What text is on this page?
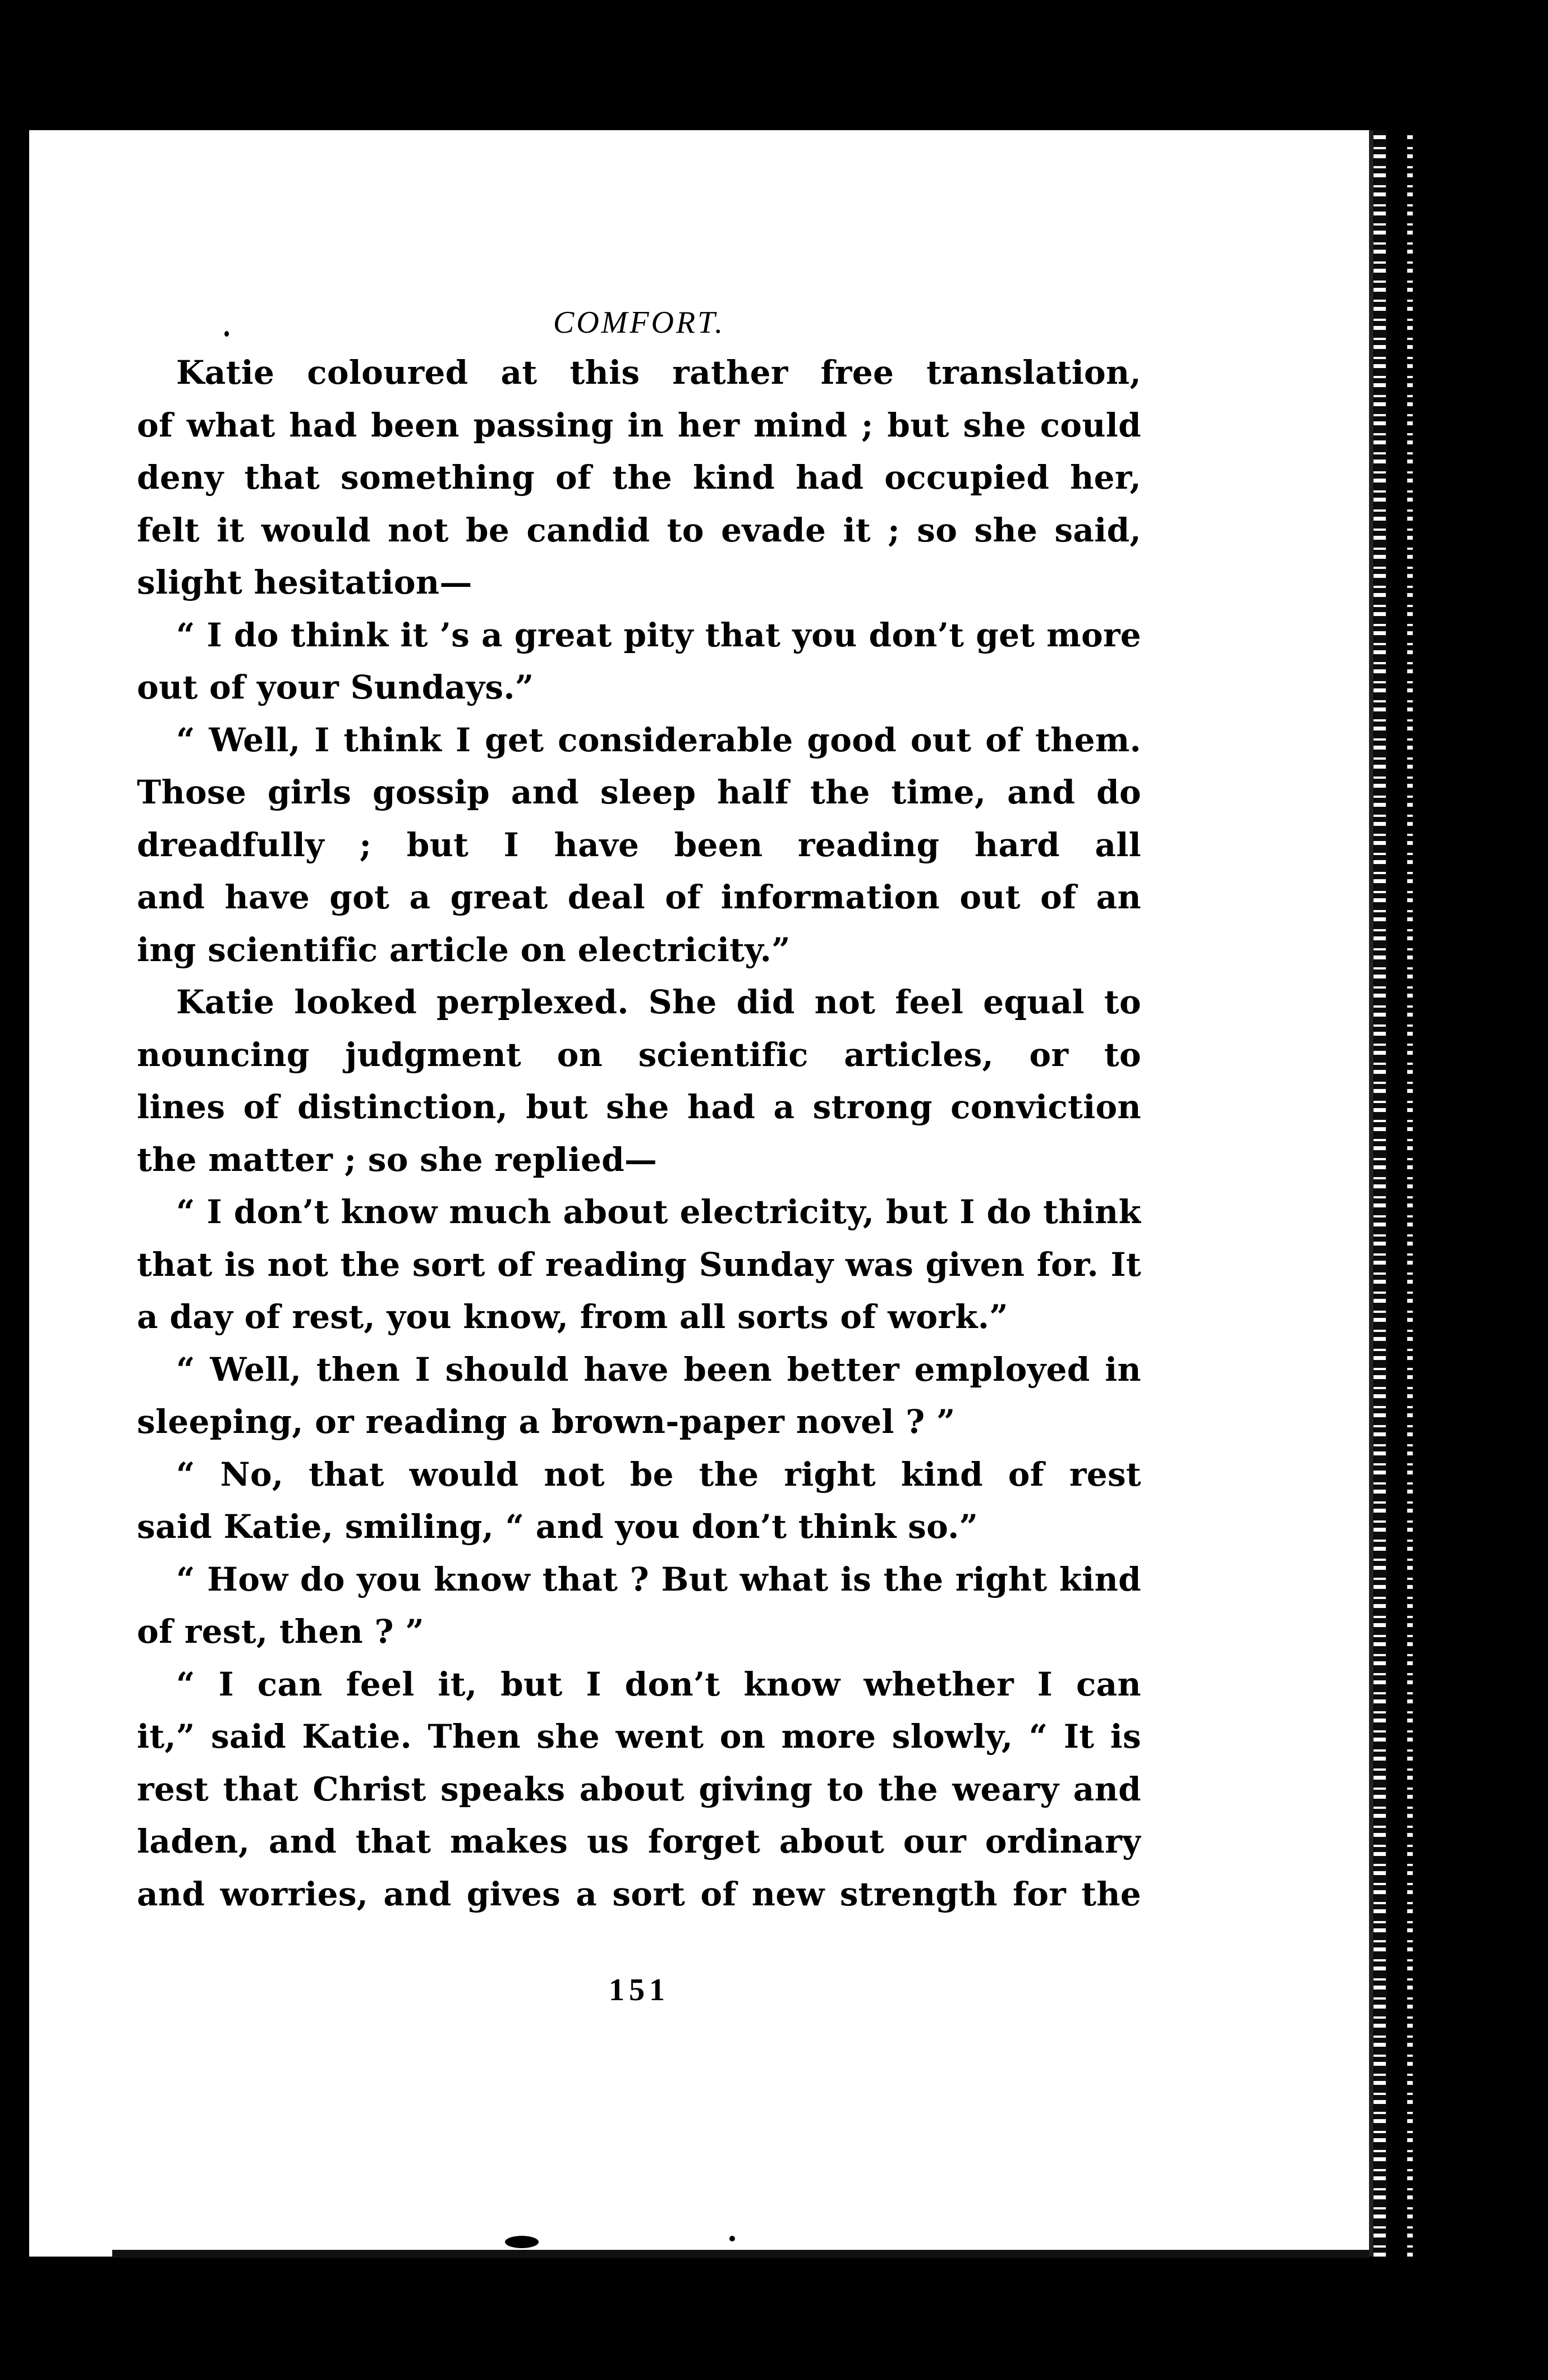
COMFORT.
Katie coloured at this rather free translation,
of what had been passing in her mind ; but she could
deny that something of the kind had occupied her,
felt it would not be candid to evade it ; so she said,
slight hesitation—
“ I do think it ’s a great pity that you don’t get more
out of your Sundays.”
“ Well, I think I get considerable good out of them.
Those girls gossip and sleep half the time, and do
dreadfully ; but I have been reading hard all
and have got a great deal of information out of an
ing scientific article on electricity.”
Katie looked perplexed. She did not feel equal to
nouncing judgment on scientific articles, or to
lines of distinction, but she had a strong conviction
the matter ; so she replied—
“ I don’t know much about electricity, but I do think
that is not the sort of reading Sunday was given for. It
a day of rest, you know, from all sorts of work.”
“ Well, then I should have been better employed in
sleeping, or reading a brown-paper novel ? ”
“ No, that would not be the right kind of rest
said Katie, smiling, “ and you don’t think so.”
“ How do you know that ? But what is the right kind
of rest, then ? ”
“ I can feel it, but I don’t know whether I can
it,” said Katie. Then she went on more slowly, “ It is
rest that Christ speaks about giving to the weary and
laden, and that makes us forget about our ordinary
and worries, and gives a sort of new strength for the
151
